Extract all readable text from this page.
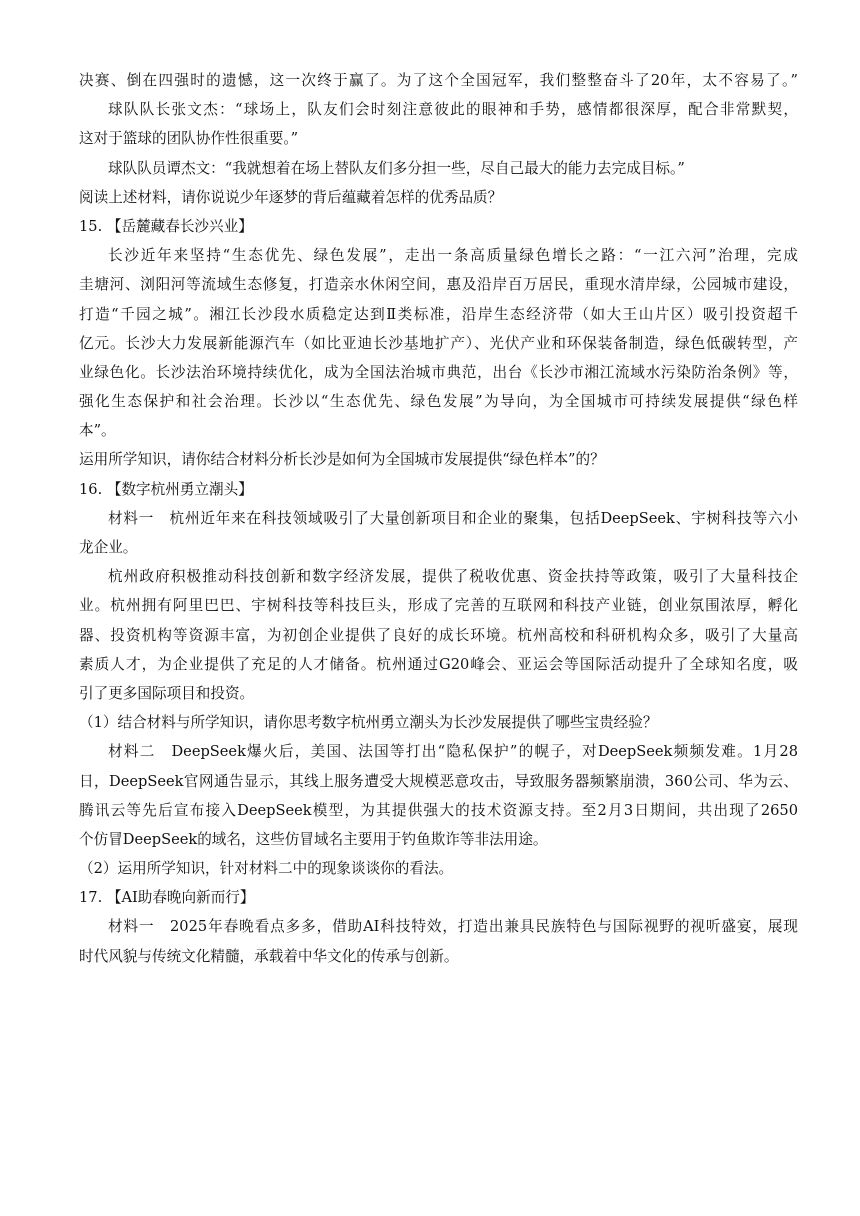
决赛、倒在四强时的遗憾，这一次终于赢了。为了这个全国冠军，我们整整奋斗了20年，太不容易了。”

球队队长张文杰：“球场上，队友们会时刻注意彼此的眼神和手势，感情都很深厚，配合非常默契，

这对于篮球的团队协作性很重要。”

球队队员谭杰文：“我就想着在场上替队友们多分担一些，尽自己最大的能力去完成目标。”

阅读上述材料，请你说说少年逐梦的背后蕴藏着怎样的优秀品质？

15. 【岳麓藏春长沙兴业】

长沙近年来坚持“生态优先、绿色发展”，走出一条高质量绿色增长之路：“一江六河”治理，完成

圭塘河、浏阳河等流域生态修复，打造亲水休闲空间，惠及沿岸百万居民，重现水清岸绿，公园城市建设，

打造“千园之城”。湘江长沙段水质稳定达到Ⅱ类标准，沿岸生态经济带（如大王山片区）吸引投资超千

亿元。长沙大力发展新能源汽车（如比亚迪长沙基地扩产）、光伏产业和环保装备制造，绿色低碳转型，产

业绿色化。长沙法治环境持续优化，成为全国法治城市典范，出台《长沙市湘江流域水污染防治条例》等，

强化生态保护和社会治理。长沙以“生态优先、绿色发展”为导向，为全国城市可持续发展提供“绿色样

本”。

运用所学知识，请你结合材料分析长沙是如何为全国城市发展提供“绿色样本”的？

16. 【数字杭州勇立潮头】

材料一　杭州近年来在科技领域吸引了大量创新项目和企业的聚集，包括DeepSeek、宇树科技等六小

龙企业。

杭州政府积极推动科技创新和数字经济发展，提供了税收优惠、资金扶持等政策，吸引了大量科技企

业。杭州拥有阿里巴巴、宇树科技等科技巨头，形成了完善的互联网和科技产业链，创业氛围浓厚，孵化

器、投资机构等资源丰富，为初创企业提供了良好的成长环境。杭州高校和科研机构众多，吸引了大量高

素质人才，为企业提供了充足的人才储备。杭州通过G20峰会、亚运会等国际活动提升了全球知名度，吸

引了更多国际项目和投资。

（1）结合材料与所学知识，请你思考数字杭州勇立潮头为长沙发展提供了哪些宝贵经验？

材料二　DeepSeek爆火后，美国、法国等打出“隐私保护”的幌子，对DeepSeek频频发难。1月28

日，DeepSeek官网通告显示，其线上服务遭受大规模恶意攻击，导致服务器频繁崩溃，360公司、华为云、

腾讯云等先后宣布接入DeepSeek模型，为其提供强大的技术资源支持。至2月3日期间，共出现了2650

个仿冒DeepSeek的域名，这些仿冒域名主要用于钓鱼欺诈等非法用途。

（2）运用所学知识，针对材料二中的现象谈谈你的看法。

17. 【AI助春晚向新而行】

材料一　2025年春晚看点多多，借助AI科技特效，打造出兼具民族特色与国际视野的视听盛宴，展现

时代风貌与传统文化精髓，承载着中华文化的传承与创新。
